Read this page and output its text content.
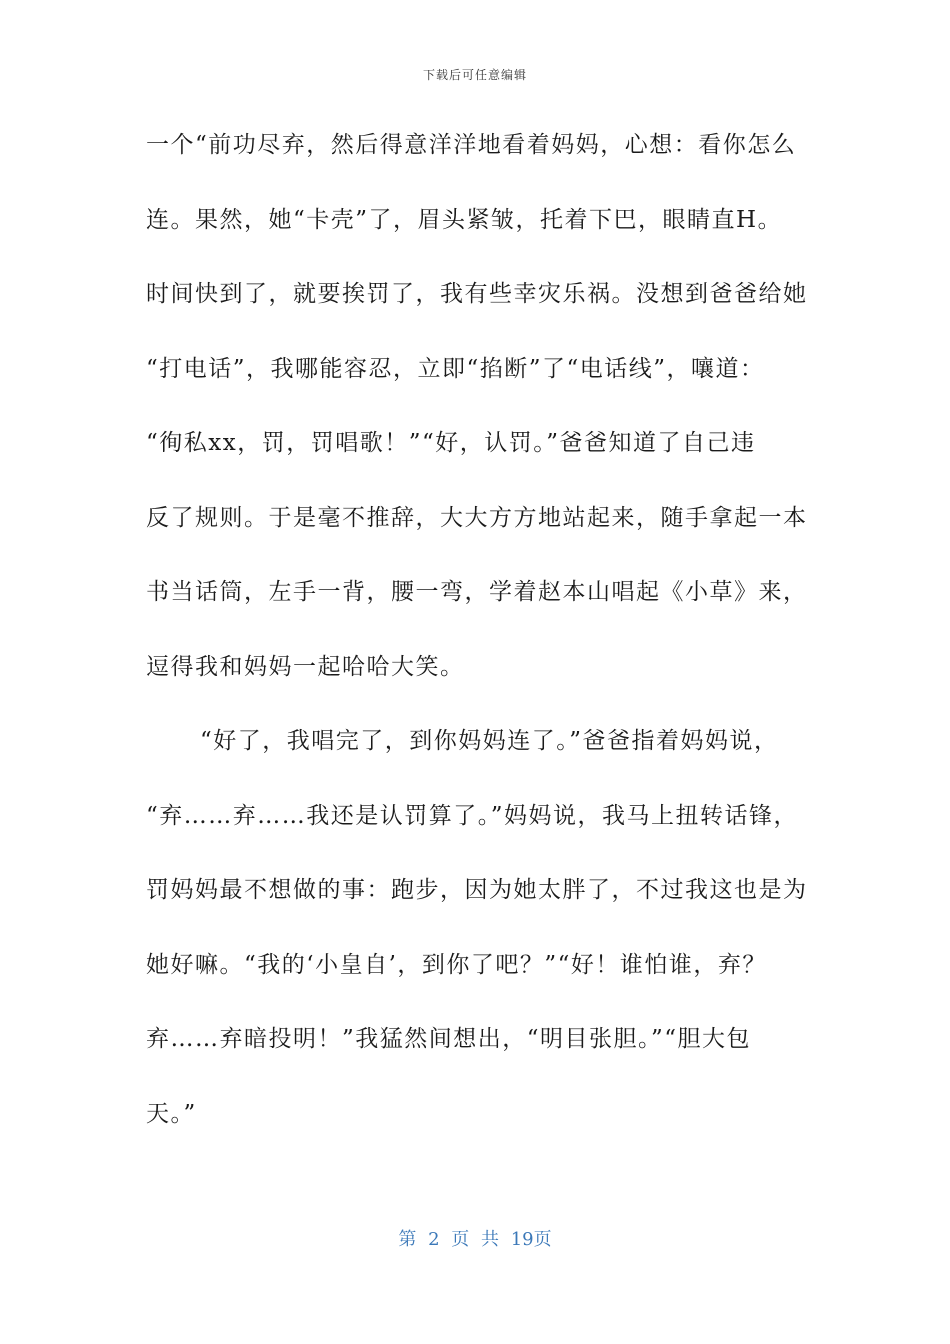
下载后可任意编辑
一个“前功尽弃，然后得意洋洋地看着妈妈，心想：看你怎么
连。果然，她“卡壳”了，眉头紧皱，托着下巴，眼睛直H。
时间快到了，就要挨罚了，我有些幸灾乐祸。没想到爸爸给她
“打电话”，我哪能容忍，立即“掐断”了“电话线”，嚷道：
“徇私xx，罚，罚唱歌！”“好，认罚。”爸爸知道了自己违
反了规则。于是毫不推辞，大大方方地站起来，随手拿起一本
书当话筒，左手一背，腰一弯，学着赵本山唱起《小草》来，
逗得我和妈妈一起哈哈大笑。
“好了，我唱完了，到你妈妈连了。”爸爸指着妈妈说，
“弃……弃……我还是认罚算了。”妈妈说，我马上扭转话锋，
罚妈妈最不想做的事：跑步，因为她太胖了，不过我这也是为
她好嘛。“我的‘小皇自’，到你了吧？”“好！谁怕谁，弃？
弃……弃暗投明！”我猛然间想出，“明目张胆。”“胆大包
天。”
第 2 页 共 19页
